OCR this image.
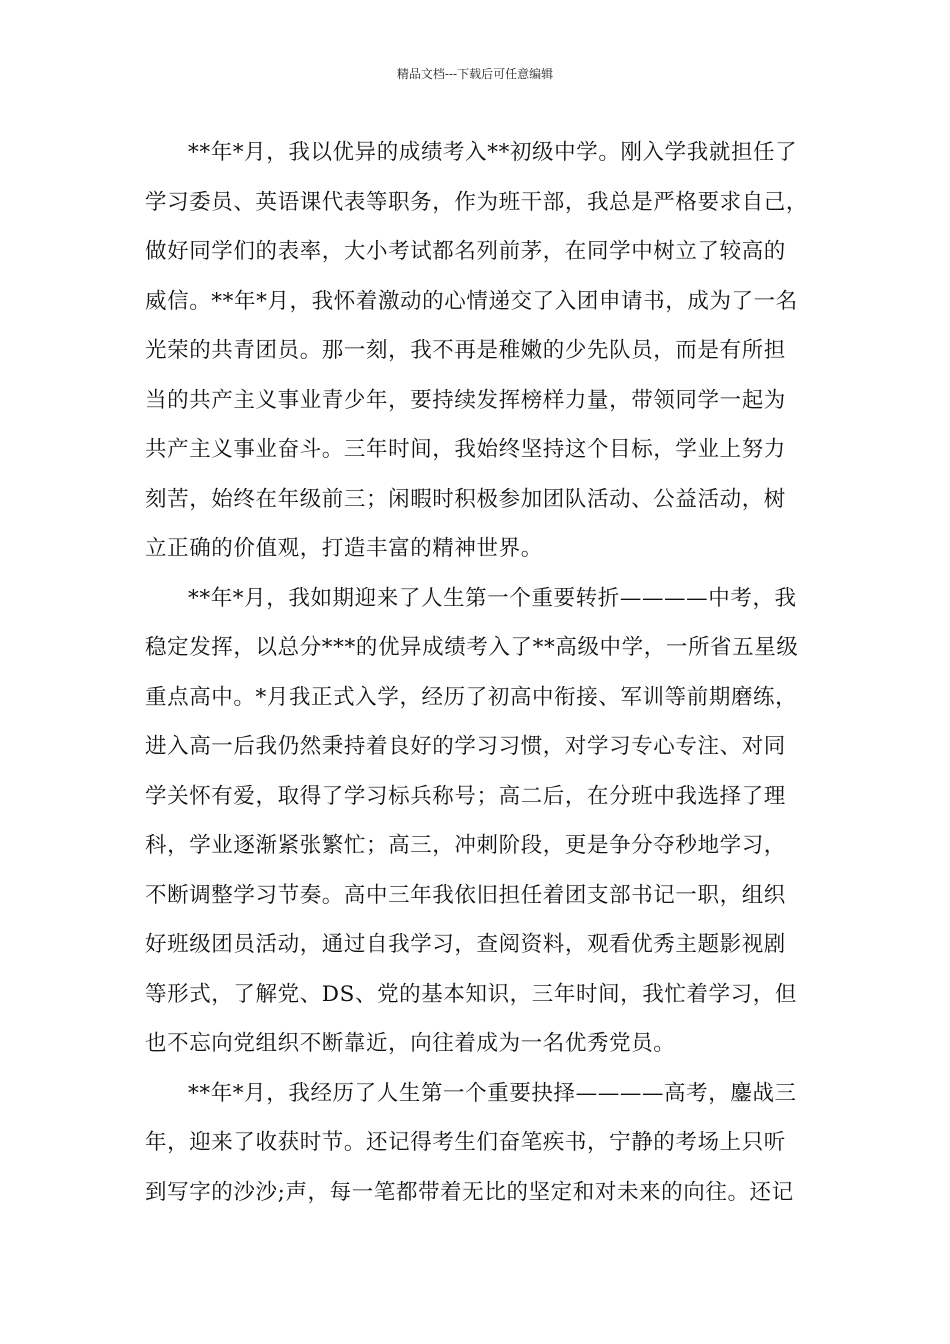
精品文档---下载后可任意编辑
**年*月，我以优异的成绩考入**初级中学。刚入学我就担任了
学习委员、英语课代表等职务，作为班干部，我总是严格要求自己，
做好同学们的表率，大小考试都名列前茅，在同学中树立了较高的
威信。**年*月，我怀着激动的心情递交了入团申请书，成为了一名
光荣的共青团员。那一刻，我不再是稚嫩的少先队员，而是有所担
当的共产主义事业青少年，要持续发挥榜样力量，带领同学一起为
共产主义事业奋斗。三年时间，我始终坚持这个目标，学业上努力
刻苦，始终在年级前三；闲暇时积极参加团队活动、公益活动，树
立正确的价值观，打造丰富的精神世界。
**年*月，我如期迎来了人生第一个重要转折————中考，我
稳定发挥，以总分***的优异成绩考入了**高级中学，一所省五星级
重点高中。*月我正式入学，经历了初高中衔接、军训等前期磨练，
进入高一后我仍然秉持着良好的学习习惯，对学习专心专注、对同
学关怀有爱，取得了学习标兵称号；高二后，在分班中我选择了理
科，学业逐渐紧张繁忙；高三，冲刺阶段，更是争分夺秒地学习，
不断调整学习节奏。高中三年我依旧担任着团支部书记一职，组织
好班级团员活动，通过自我学习，查阅资料，观看优秀主题影视剧
等形式，了解党、DS、党的基本知识，三年时间，我忙着学习，但
也不忘向党组织不断靠近，向往着成为一名优秀党员。
**年*月，我经历了人生第一个重要抉择————高考，鏖战三
年，迎来了收获时节。还记得考生们奋笔疾书，宁静的考场上只听
到写字的沙沙;声，每一笔都带着无比的坚定和对未来的向往。还记
